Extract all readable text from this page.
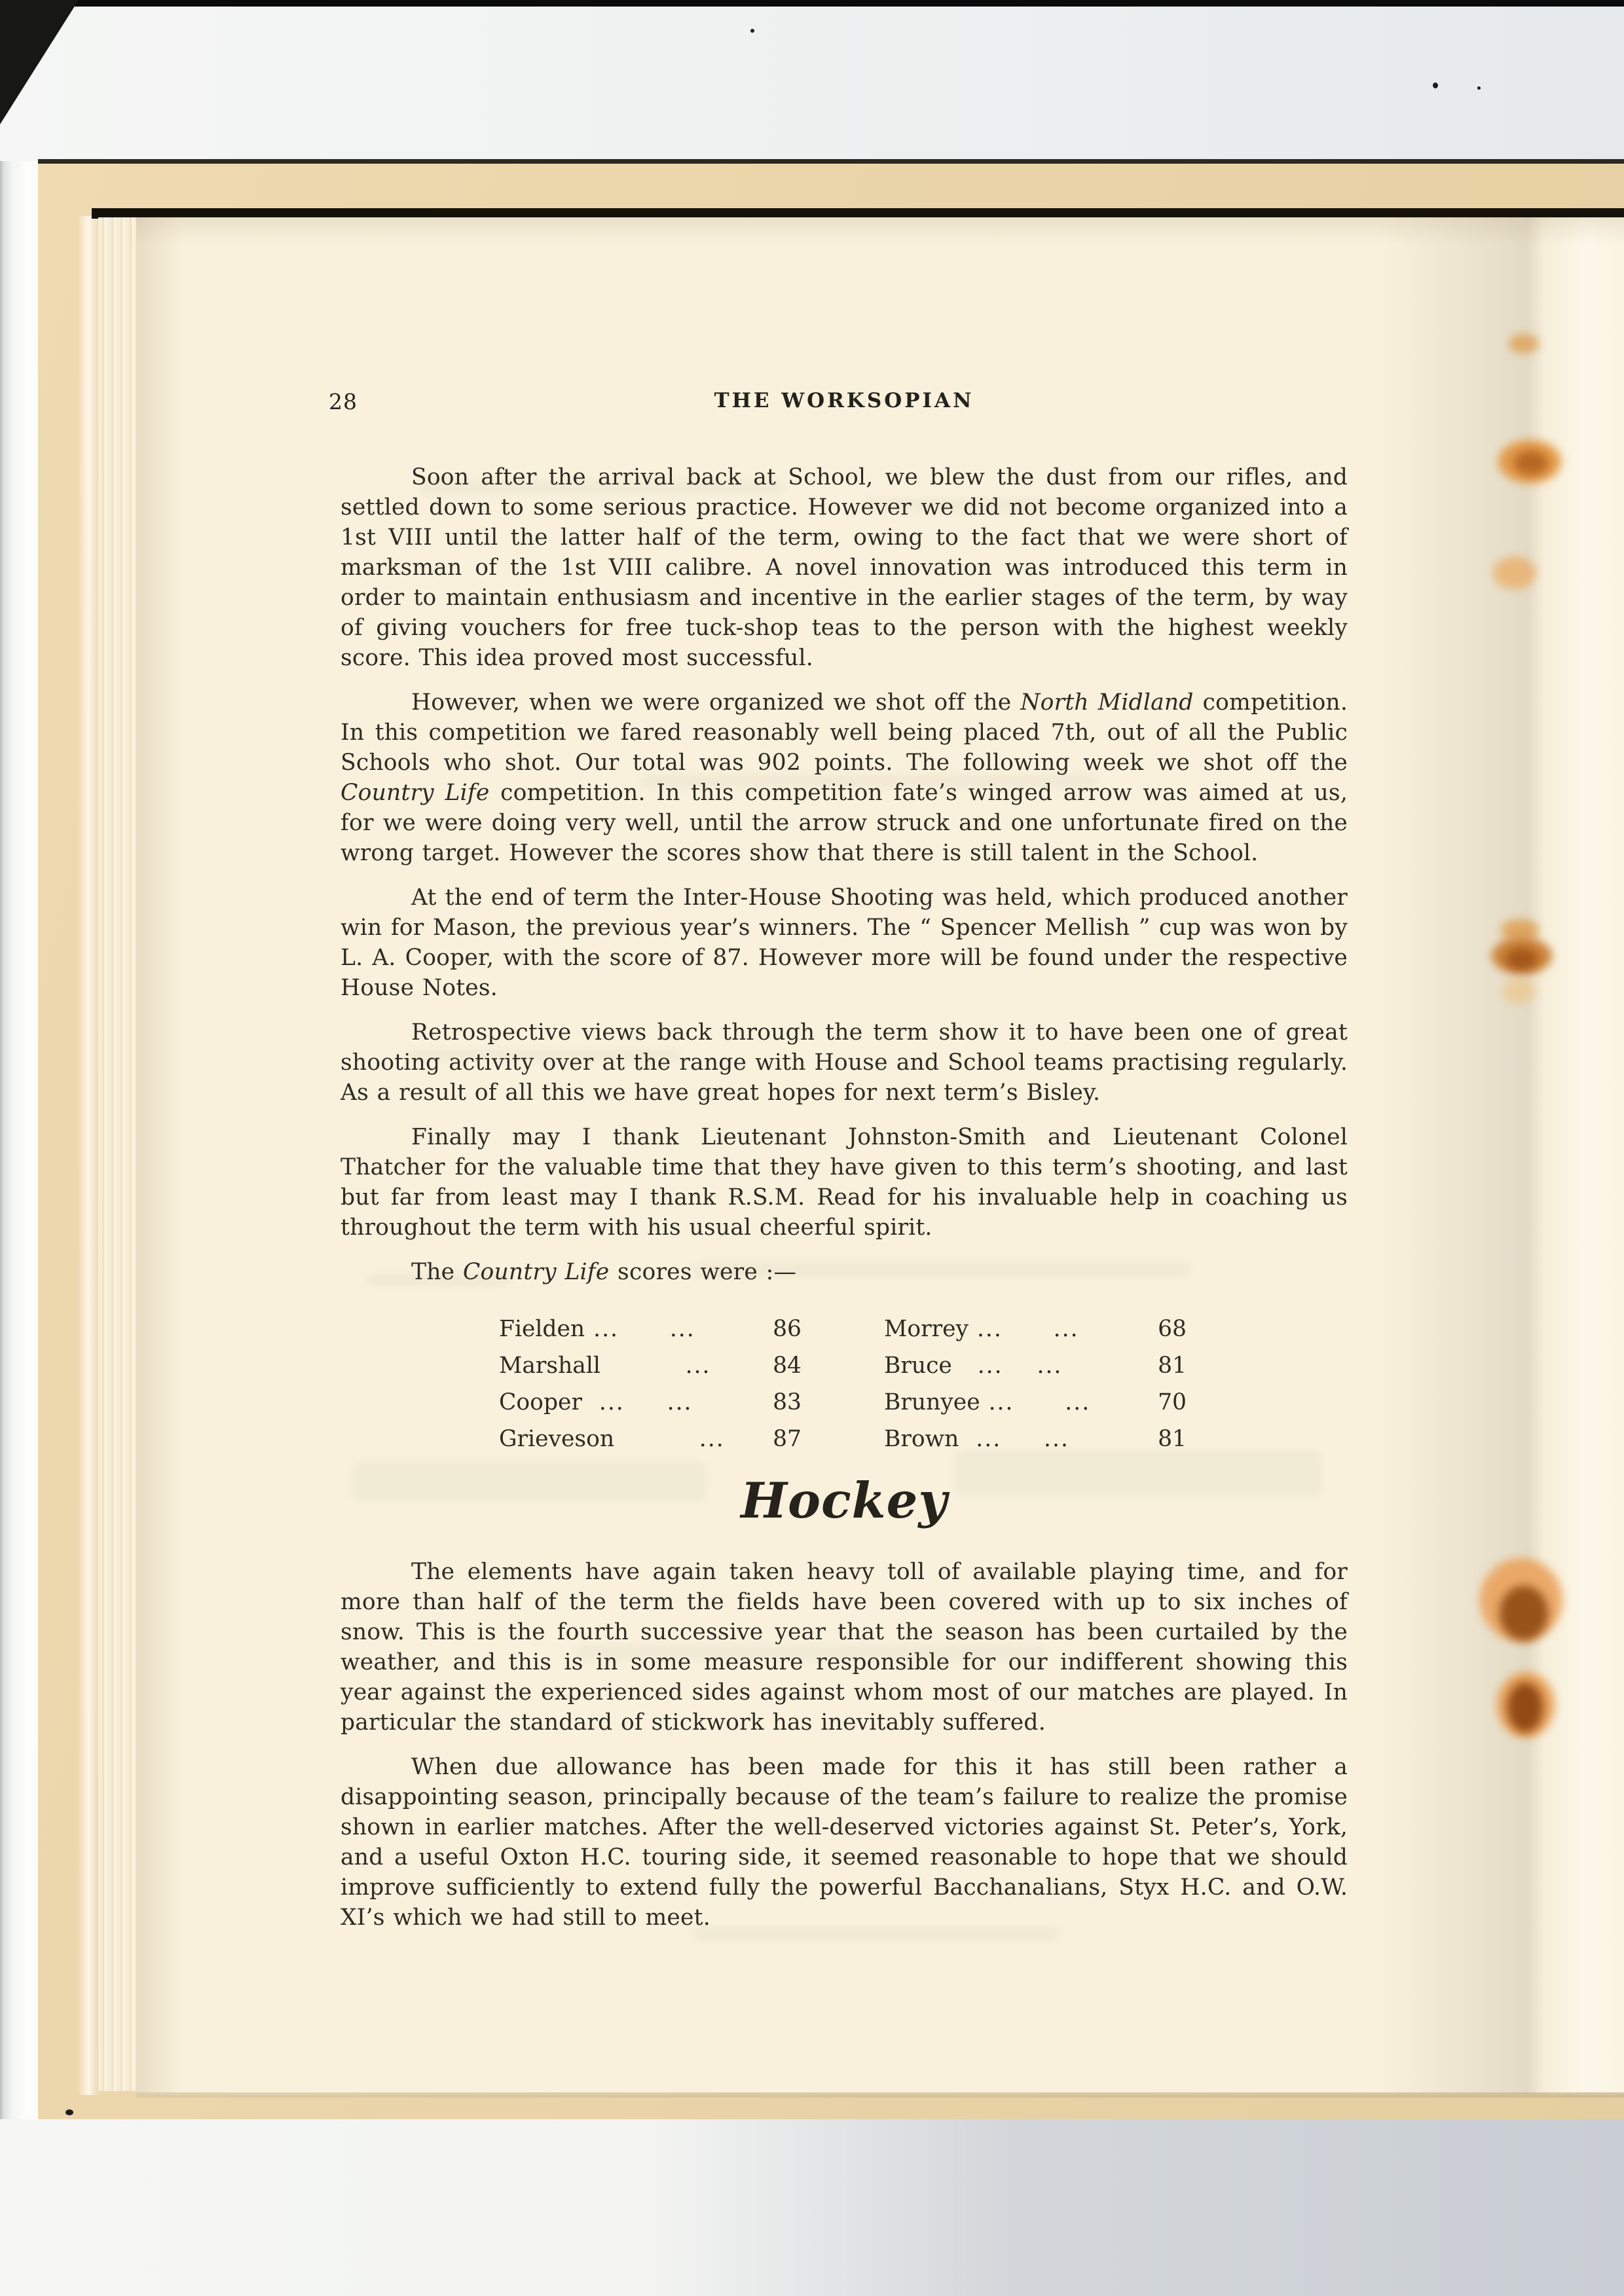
28	THE WORKSOPIAN

Soon after the arrival back at School, we blew the dust from our rifles, and settled down to some serious practice. However we did not become organized into a 1st VIII until the latter half of the term, owing to the fact that we were short of marksman of the 1st VIII calibre. A novel innovation was introduced this term in order to maintain enthusiasm and incentive in the earlier stages of the term, by way of giving vouchers for free tuck-shop teas to the person with the highest weekly score. This idea proved most successful.

However, when we were organized we shot off the North Midland competition. In this competition we fared reasonably well being placed 7th, out of all the Public Schools who shot. Our total was 902 points. The following week we shot off the Country Life competition. In this competition fate’s winged arrow was aimed at us, for we were doing very well, until the arrow struck and one unfortunate fired on the wrong target. However the scores show that there is still talent in the School.

At the end of term the Inter-House Shooting was held, which produced another win for Mason, the previous year’s winners. The “ Spencer Mellish ” cup was won by L. A. Cooper, with the score of 87. However more will be found under the respective House Notes.

Retrospective views back through the term show it to have been one of great shooting activity over at the range with House and School teams practising regularly. As a result of all this we have great hopes for next term’s Bisley.

Finally may I thank Lieutenant Johnston-Smith and Lieutenant Colonel Thatcher for the valuable time that they have given to this term’s shooting, and last but far from least may I thank R.S.M. Read for his invaluable help in coaching us throughout the term with his usual cheerful spirit.

The Country Life scores were :—

Fielden ...      ...	86	Morrey ...      ...	68
Marshall          ...	84	Bruce   ...    ...	81
Cooper  ...     ...	83	Brunyee ...      ...	70
Grieveson          ... 87	Brown  ...     ...	81
Hockey

The elements have again taken heavy toll of available playing time, and for more than half of the term the fields have been covered with up to six inches of snow. This is the fourth successive year that the season has been curtailed by the weather, and this is in some measure responsible for our indifferent showing this year against the experienced sides against whom most of our matches are played. In particular the standard of stickwork has inevitably suffered.

When due allowance has been made for this it has still been rather a disappointing season, principally because of the team’s failure to realize the promise shown in earlier matches. After the well-deserved victories against St. Peter’s, York, and a useful Oxton H.C. touring side, it seemed reasonable to hope that we should improve sufficiently to extend fully the powerful Bacchanalians, Styx H.C. and O.W. XI’s which we had still to meet.
